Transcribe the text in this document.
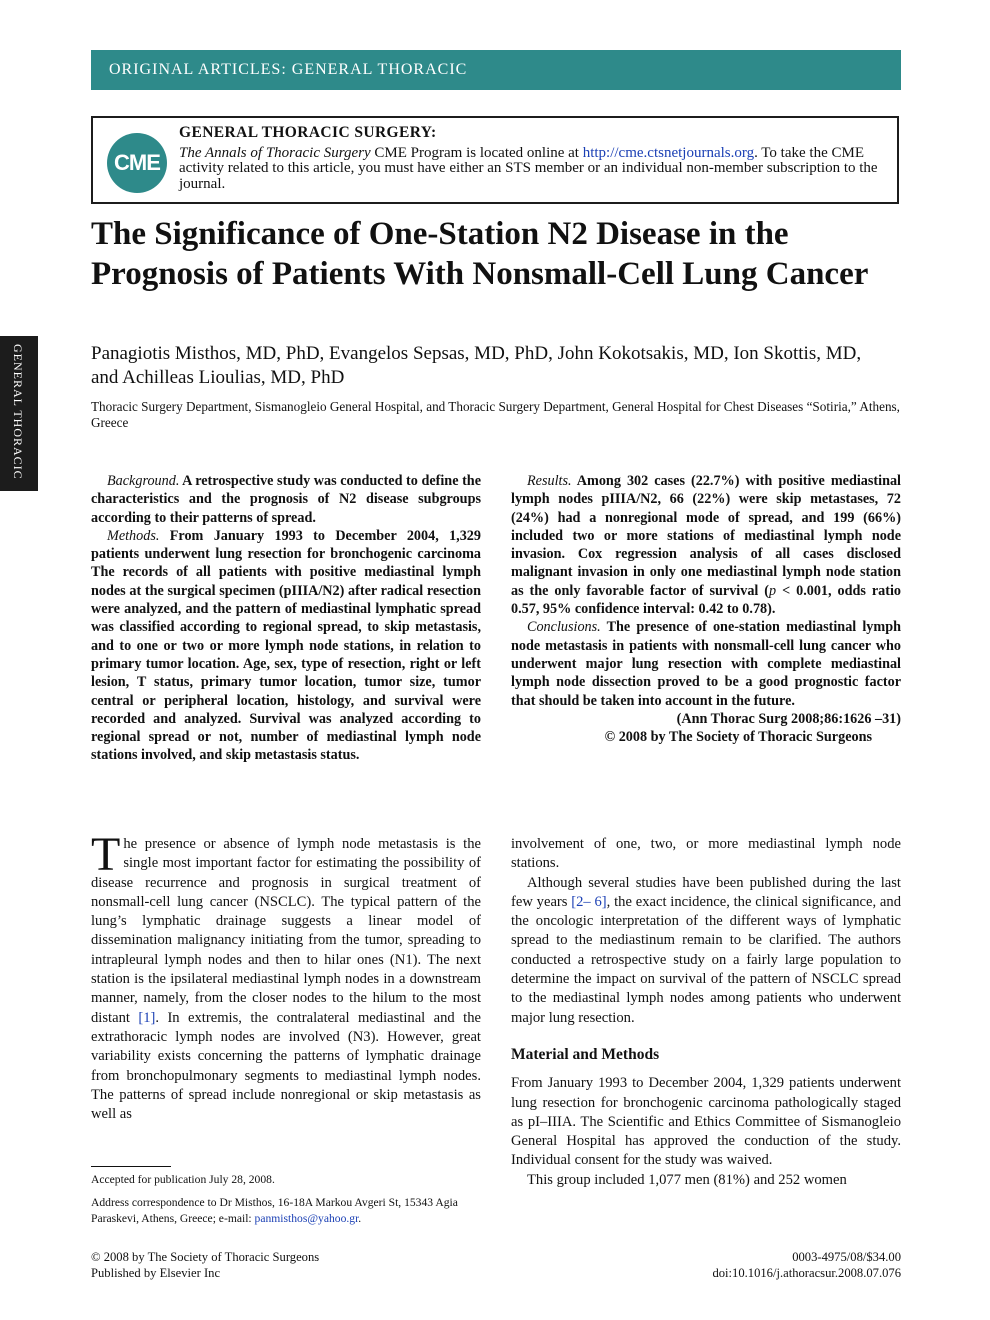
ORIGINAL ARTICLES: GENERAL THORACIC
CME
GENERAL THORACIC SURGERY:
The Annals of Thoracic Surgery CME Program is located online at http://cme.ctsnetjournals.org. To take the CME activity related to this article, you must have either an STS member or an individual non-member subscription to the journal.
The Significance of One-Station N2 Disease in the Prognosis of Patients With Nonsmall-Cell Lung Cancer
Panagiotis Misthos, MD, PhD, Evangelos Sepsas, MD, PhD, John Kokotsakis, MD, Ion Skottis, MD, and Achilleas Lioulias, MD, PhD
Thoracic Surgery Department, Sismanogleio General Hospital, and Thoracic Surgery Department, General Hospital for Chest Diseases “Sotiria,” Athens, Greece
GENERAL THORACIC

Background. A retrospective study was conducted to define the characteristics and the prognosis of N2 disease subgroups according to their patterns of spread.

Methods. From January 1993 to December 2004, 1,329 patients underwent lung resection for bronchogenic carcinoma The records of all patients with positive mediastinal lymph nodes at the surgical specimen (pIIIA/N2) after radical resection were analyzed, and the pattern of mediastinal lymphatic spread was classified according to regional spread, to skip metastasis, and to one or two or more lymph node stations, in relation to primary tumor location. Age, sex, type of resection, right or left lesion, T status, primary tumor location, tumor size, tumor central or peripheral location, histology, and survival were recorded and analyzed. Survival was analyzed according to regional spread or not, number of mediastinal lymph node stations involved, and skip metastasis status.

Results. Among 302 cases (22.7%) with positive mediastinal lymph nodes pIIIA/N2, 66 (22%) were skip metastases, 72 (24%) had a nonregional mode of spread, and 199 (66%) included two or more stations of mediastinal lymph node invasion. Cox regression analysis of all cases disclosed malignant invasion in only one mediastinal lymph node station as the only favorable factor of survival (p < 0.001, odds ratio 0.57, 95% confidence interval: 0.42 to 0.78).

Conclusions. The presence of one-station mediastinal lymph node metastasis in patients with nonsmall-cell lung cancer who underwent major lung resection with complete mediastinal lymph node dissection proved to be a good prognostic factor that should be taken into account in the future.

(Ann Thorac Surg 2008;86:1626 –31)
© 2008 by The Society of Thoracic Surgeons

The presence or absence of lymph node metastasis is the single most important factor for estimating the possibility of disease recurrence and prognosis in surgical treatment of nonsmall-cell lung cancer (NSCLC). The typical pattern of the lung’s lymphatic drainage suggests a linear model of dissemination malignancy initiating from the tumor, spreading to intrapleural lymph nodes and then to hilar ones (N1). The next station is the ipsilateral mediastinal lymph nodes in a downstream manner, namely, from the closer nodes to the hilum to the most distant [1]. In extremis, the contralateral mediastinal and the extrathoracic lymph nodes are involved (N3). However, great variability exists concerning the patterns of lymphatic drainage from bronchopulmonary segments to mediastinal lymph nodes. The patterns of spread include nonregional or skip metastasis as well as

involvement of one, two, or more mediastinal lymph node stations.

Although several studies have been published during the last few years [2– 6], the exact incidence, the clinical significance, and the oncologic interpretation of the different ways of lymphatic spread to the mediastinum remain to be clarified. The authors conducted a retrospective study on a fairly large population to determine the impact on survival of the pattern of NSCLC spread to the mediastinal lymph nodes among patients who underwent major lung resection.

Material and Methods

From January 1993 to December 2004, 1,329 patients underwent lung resection for bronchogenic carcinoma pathologically staged as pI–IIIA. The Scientific and Ethics Committee of Sismanogleio General Hospital has approved the conduction of the study. Individual consent for the study was waived.

This group included 1,077 men (81%) and 252 women

Accepted for publication July 28, 2008.
Address correspondence to Dr Misthos, 16-18A Markou Avgeri St, 15343 Agia Paraskevi, Athens, Greece; e-mail: panmisthos@yahoo.gr.
© 2008 by The Society of Thoracic Surgeons
Published by Elsevier Inc
0003-4975/08/$34.00
doi:10.1016/j.athoracsur.2008.07.076
